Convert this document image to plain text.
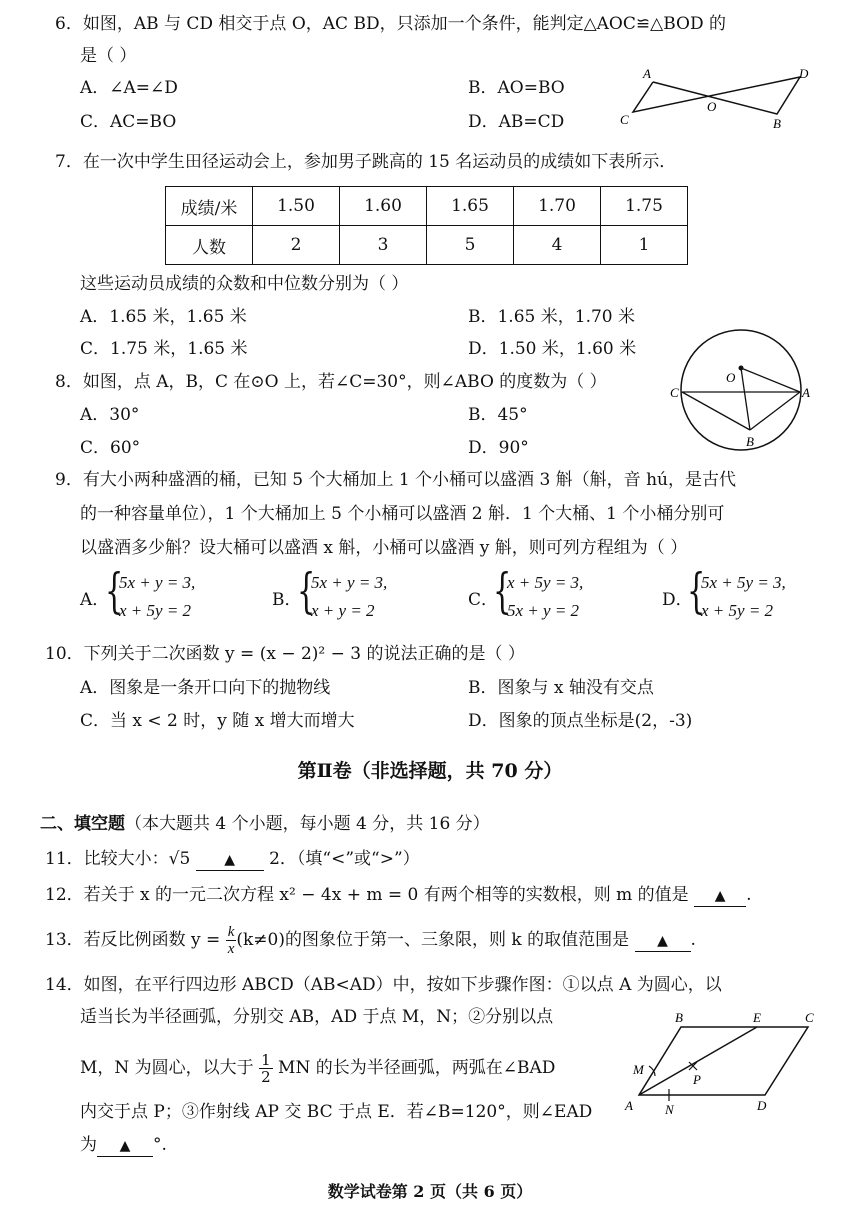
6．如图，AB 与 CD 相交于点 O，AC BD，只添加一个条件，能判定△AOC≌△BOD 的
是（ ）
A．∠A=∠D	B．AO=BO
C．AC=BO	D．AB=CD
A	D
O
C	B
7．在一次中学生田径运动会上，参加男子跳高的 15 名运动员的成绩如下表所示．
成绩/米	1.50	1.60	1.65	1.70	1.75
人数	2	3	5	4	1
这些运动员成绩的众数和中位数分别为（ ）
A．1.65 米，1.65 米	B．1.65 米，1.70 米
C．1.75 米，1.65 米	D．1.50 米，1.60 米
O
C	A
B
8．如图，点 A，B，C 在⊙O 上，若∠C=30°，则∠ABO 的度数为（ ）
A．30°	B．45°
C．60°	D．90°
9．有大小两种盛酒的桶，已知 5 个大桶加上 1 个小桶可以盛酒 3 斛（斛，音 hú，是古代
的一种容量单位），1 个大桶加上 5 个小桶可以盛酒 2 斛．1 个大桶、1 个小桶分别可
以盛酒多少斛？设大桶可以盛酒 x 斛，小桶可以盛酒 y 斛，则可列方程组为（ ）
A．
{
5x + y = 3,
x + 5y = 2
B．
{
5x + y = 3,
x + y = 2
C．
{
x + 5y = 3,
5x + y = 2
D．
{
5x + 5y = 3,
x + 5y = 2
10．下列关于二次函数 y = (x − 2)² − 3 的说法正确的是（ ）
A．图象是一条开口向下的抛物线	B．图象与 x 轴没有交点
C．当 x < 2 时，y 随 x 增大而增大	D．图象的顶点坐标是(2，-3)
第Ⅱ卷（非选择题，共 70 分）
二、填空题（本大题共 4 个小题，每小题 4 分，共 16 分）
11．比较大小：√5 ▲ 2．（填“<”或“>”）
12．若关于 x 的一元二次方程 x² − 4x + m = 0 有两个相等的实数根，则 m 的值是 ▲ .
13．若反比例函数 $y = \frac{k}{x} (k\ne 0)$的图象位于第一、三象限，则 k 的取值范围是 ▲ .
14．如图，在平行四边形 ABCD（AB<AD）中，按如下步骤作图：①以点 A 为圆心，以
适当长为半径画弧，分别交 AB，AD 于点 M，N；②分别以点
M，N 为圆心，以大于 $\frac{1}{2}$ MN 的长为半径画弧，两弧在∠BAD
内交于点 P；③作射线 AP 交 BC 于点 E．若∠B=120°，则∠EAD
为 ▲ °.
B	E	C
M
P
A N	D
数学试卷第 2 页（共 6 页）
